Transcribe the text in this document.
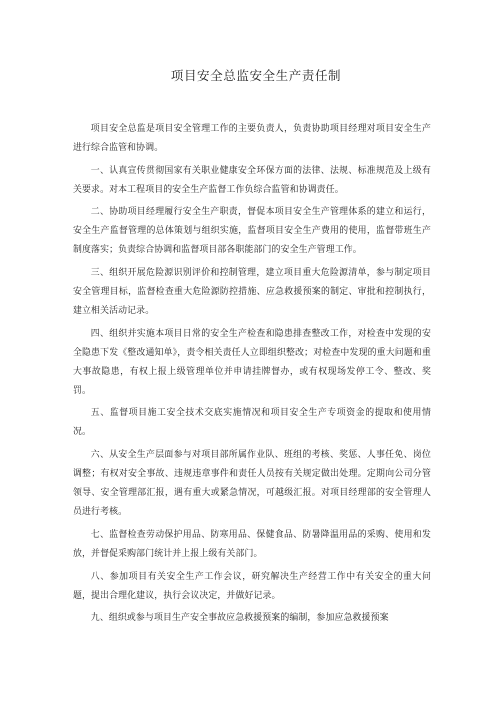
项目安全总监安全生产责任制

项目安全总监是项目安全管理工作的主要负责人，负责协助项目经理对项目安全生产进行综合监管和协调。

一、认真宣传贯彻国家有关职业健康安全环保方面的法律、法规、标准规范及上级有关要求。对本工程项目的安全生产监督工作负综合监管和协调责任。

二、协助项目经理履行安全生产职责，督促本项目安全生产管理体系的建立和运行，安全生产监督管理的总体策划与组织实施，监督项目安全生产费用的使用，监督带班生产制度落实；负责综合协调和监督项目部各职能部门的安全生产管理工作。

三、组织开展危险源识别评价和控制管理，建立项目重大危险源清单，参与制定项目安全管理目标，监督检查重大危险源防控措施、应急救援预案的制定、审批和控制执行，建立相关活动记录。

四、组织并实施本项目日常的安全生产检查和隐患排查整改工作，对检查中发现的安全隐患下发《整改通知单》，责令相关责任人立即组织整改；对检查中发现的重大问题和重大事故隐患，有权上报上级管理单位并申请挂牌督办，或有权现场发停工令、整改、奖罚。

五、监督项目施工安全技术交底实施情况和项目安全生产专项资金的提取和使用情况。

六、从安全生产层面参与对项目部所属作业队、班组的考核、奖惩、人事任免、岗位调整；有权对安全事故、违规违章事件和责任人员按有关规定做出处理。定期向公司分管领导、安全管理部汇报，遇有重大或紧急情况，可越级汇报。对项目经理部的安全管理人员进行考核。

七、监督检查劳动保护用品、防寒用品、保健食品、防暑降温用品的采购、使用和发放，并督促采购部门统计并上报上级有关部门。

八、参加项目有关安全生产工作会议，研究解决生产经营工作中有关安全的重大问题，提出合理化建议，执行会议决定，并做好记录。

九、组织或参与项目生产安全事故应急救援预案的编制，参加应急救援预案
